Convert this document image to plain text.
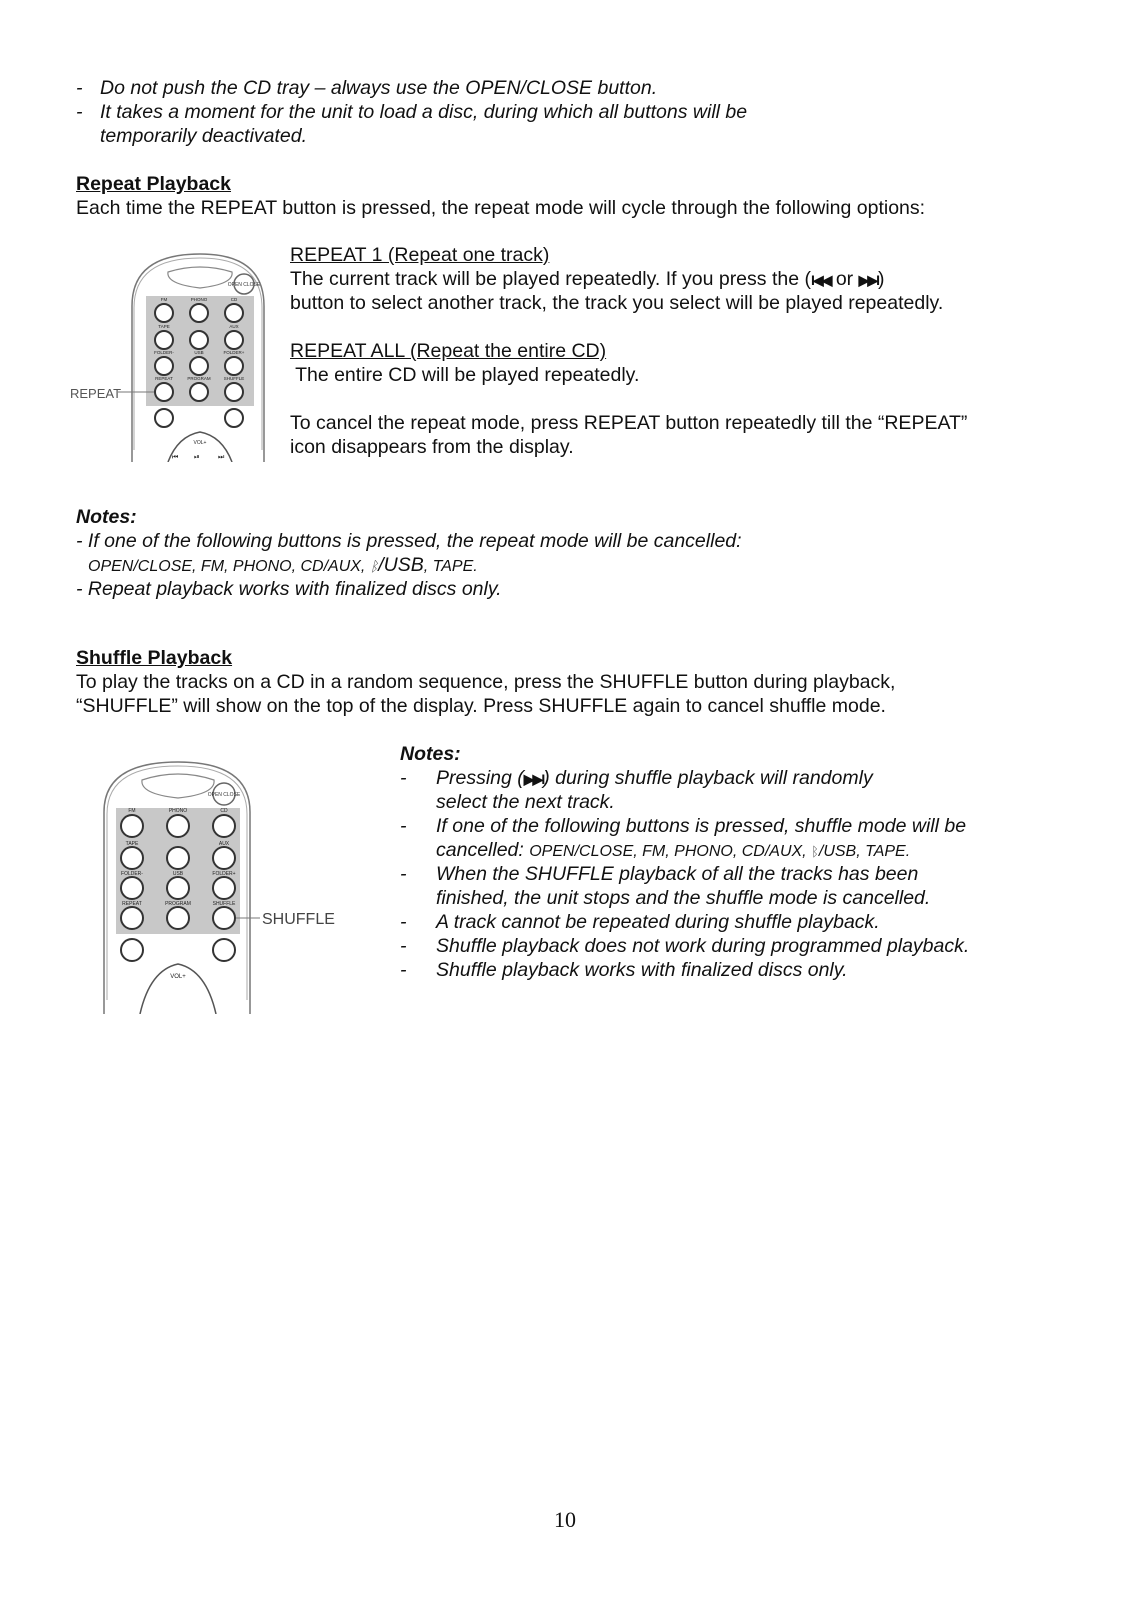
- Do not push the CD tray – always use the OPEN/CLOSE button.
- It takes a moment for the unit to load a disc, during which all buttons will be
temporarily deactivated.
Repeat Playback
Each time the REPEAT button is pressed, the repeat mode will cycle through the following options:
OPEN CLOSE
FM	PHONO	CD
TAPE	AUX
FOLDER-	USB	FOLDER+
REPEAT	PROGRAM	SHUFFLE
VOL+
⏮ ⏯	⏭
REPEAT
REPEAT 1 (Repeat one track)
The current track will be played repeatedly. If you press the (I◀◀ or ▶▶I)
button to select another track, the track you select will be played repeatedly.
REPEAT ALL (Repeat the entire CD)
The entire CD will be played repeatedly.
To cancel the repeat mode, press REPEAT button repeatedly till the “REPEAT”
icon disappears from the display.
Notes:
- If one of the following buttons is pressed, the repeat mode will be cancelled:
OPEN/CLOSE, FM, PHONO, CD/AUX, ᛒ/USB, TAPE.
- Repeat playback works with finalized discs only.
Shuffle Playback
To play the tracks on a CD in a random sequence, press the SHUFFLE button during playback,
“SHUFFLE” will show on the top of the display. Press SHUFFLE again to cancel shuffle mode.
OPEN CLOSE
FM	PHONO	CD
TAPE	AUX
FOLDER-	USB	FOLDER+
REPEAT	PROGRAM	SHUFFLE
VOL+
SHUFFLE
Notes:
- Pressing (▶▶I) during shuffle playback will randomly
select the next track.
- If one of the following buttons is pressed, shuffle mode will be
cancelled: OPEN/CLOSE, FM, PHONO, CD/AUX, ᛒ/USB, TAPE.
- When the SHUFFLE playback of all the tracks has been
finished, the unit stops and the shuffle mode is cancelled.
- A track cannot be repeated during shuffle playback.
- Shuffle playback does not work during programmed playback.
- Shuffle playback works with finalized discs only.
10
